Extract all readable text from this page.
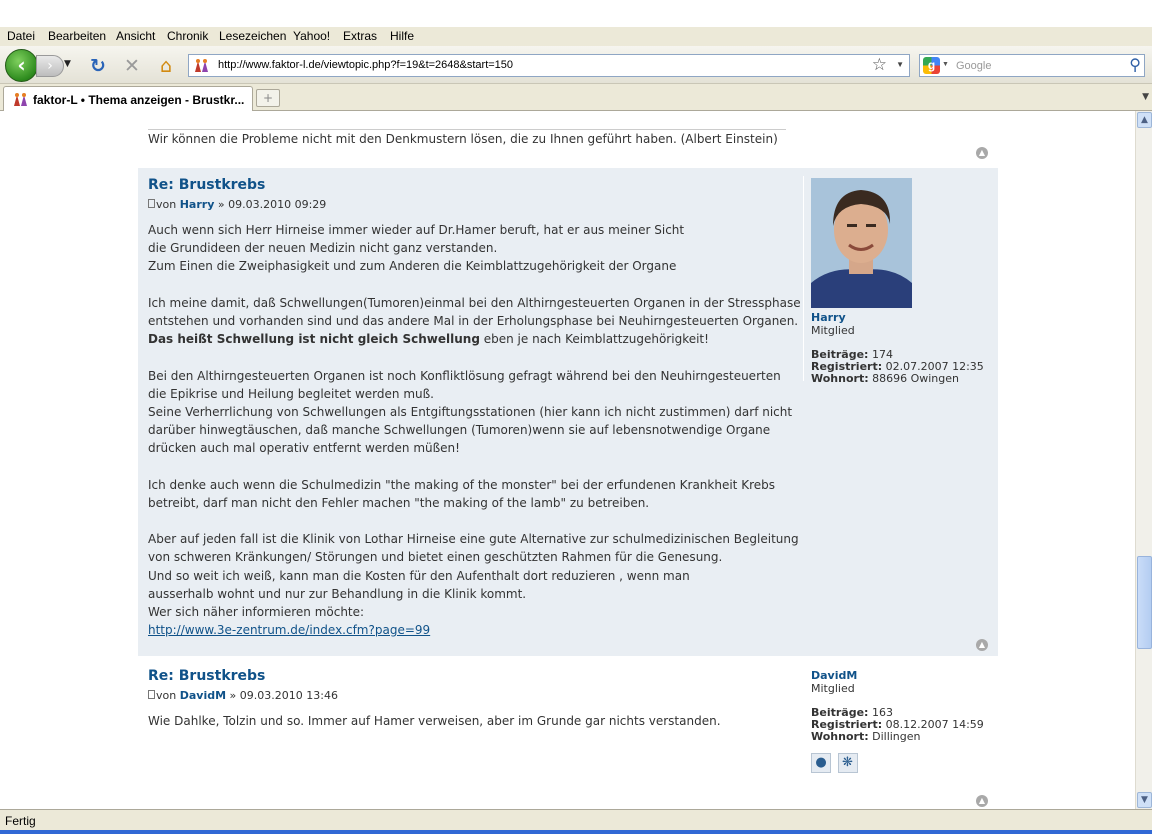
Datei Bearbeiten Ansicht Chronik Lesezeichen Yahoo! Extras Hilfe
‹	›	▼ ↻ ✕ ⌂	http://www.faktor-l.de/viewtopic.php?f=19&t=2648&start=150	☆ ▼	g ▼ Google	⚲
faktor-L • Thema anzeigen - Brustkr...	+	▼
Wir können die Probleme nicht mit den Denkmustern lösen, die zu Ihnen geführt haben. (Albert Einstein)
▲
Re: Brustkrebs
von Harry » 09.03.2010 09:29
Auch wenn sich Herr Hirneise immer wieder auf Dr.Hamer beruft, hat er aus meiner Sicht
die Grundideen der neuen Medizin nicht ganz verstanden.
Zum Einen die Zweiphasigkeit und zum Anderen die Keimblattzugehörigkeit der Organe
Ich meine damit, daß Schwellungen(Tumoren)einmal bei den Althirngesteuerten Organen in der Stressphase
entstehen und vorhanden sind und das andere Mal in der Erholungsphase bei Neuhirngesteuerten Organen.
Das heißt Schwellung ist nicht gleich Schwellung eben je nach Keimblattzugehörigkeit!
Bei den Althirngesteuerten Organen ist noch Konfliktlösung gefragt während bei den Neuhirngesteuerten
die Epikrise und Heilung begleitet werden muß.
Seine Verherrlichung von Schwellungen als Entgiftungsstationen (hier kann ich nicht zustimmen) darf nicht
darüber hinwegtäuschen, daß manche Schwellungen (Tumoren)wenn sie auf lebensnotwendige Organe
drücken auch mal operativ entfernt werden müßen!
Ich denke auch wenn die Schulmedizin "the making of the monster" bei der erfundenen Krankheit Krebs
betreibt, darf man nicht den Fehler machen "the making of the lamb" zu betreiben.
Aber auf jeden fall ist die Klinik von Lothar Hirneise eine gute Alternative zur schulmedizinischen Begleitung
von schweren Kränkungen/ Störungen und bietet einen geschützten Rahmen für die Genesung.
Und so weit ich weiß, kann man die Kosten für den Aufenthalt dort reduzieren , wenn man
ausserhalb wohnt und nur zur Behandlung in die Klinik kommt.
Wer sich näher informieren möchte:
http://www.3e-zentrum.de/index.cfm?page=99
Harry
Mitglied
Beiträge: 174
Registriert: 02.07.2007 12:35
Wohnort: 88696 Owingen
▲
Re: Brustkrebs
von DavidM » 09.03.2010 13:46
Wie Dahlke, Tolzin und so. Immer auf Hamer verweisen, aber im Grunde gar nichts verstanden.
DavidM
Mitglied
Beiträge: 163
Registriert: 08.12.2007 14:59
Wohnort: Dillingen
● ❋
▲
▲
▼
Fertig
